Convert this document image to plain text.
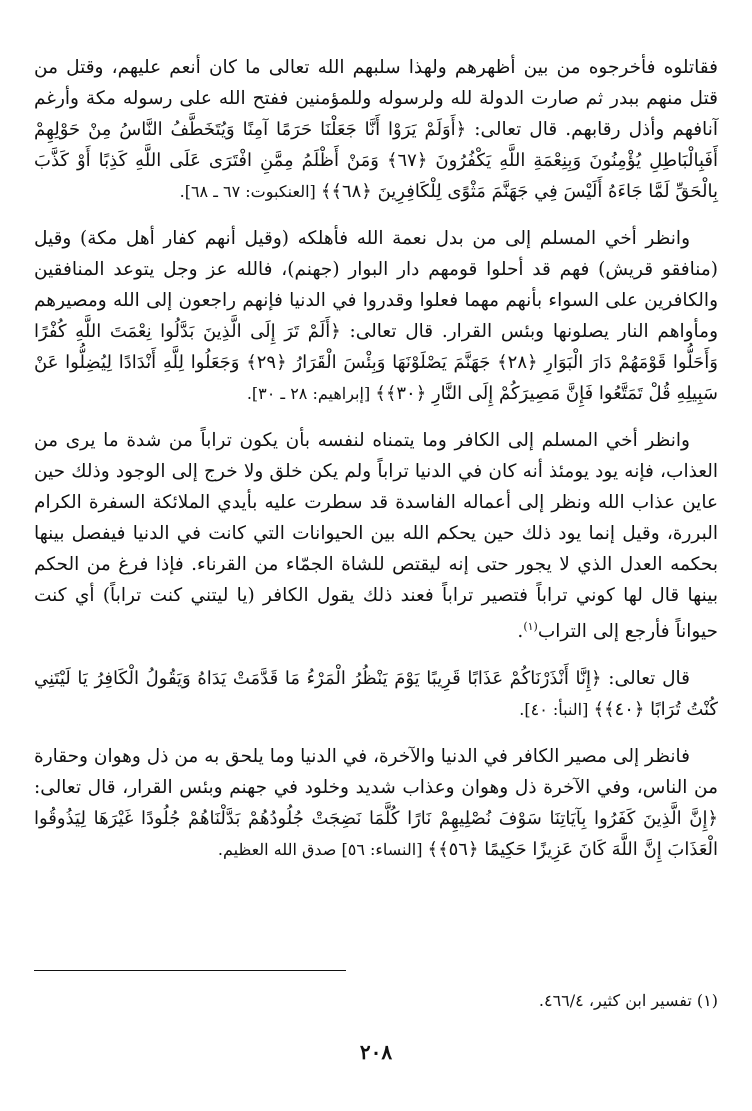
فقاتلوه فأخرجوه من بين أظهرهم ولهذا سلبهم الله تعالى ما كان أنعم عليهم، وقتل من قتل منهم ببدر ثم صارت الدولة لله ولرسوله وللمؤمنين ففتح الله على رسوله مكة وأرغم آنافهم وأذل رقابهم. قال تعالى: ﴿أَوَلَمْ يَرَوْا أَنَّا جَعَلْنَا حَرَمًا آمِنًا وَيُتَخَطَّفُ النَّاسُ مِنْ حَوْلِهِمْ أَفَبِالْبَاطِلِ يُؤْمِنُونَ وَبِنِعْمَةِ اللَّهِ يَكْفُرُونَ ﴿٦٧﴾ وَمَنْ أَظْلَمُ مِمَّنِ افْتَرَى عَلَى اللَّهِ كَذِبًا أَوْ كَذَّبَ بِالْحَقِّ لَمَّا جَاءَهُ أَلَيْسَ فِي جَهَنَّمَ مَثْوًى لِلْكَافِرِينَ ﴿٦٨﴾﴾ [العنكبوت: ٦٧ ـ ٦٨].

وانظر أخي المسلم إلى من بدل نعمة الله فأهلكه (وقيل أنهم كفار أهل مكة) وقيل (منافقو قريش) فهم قد أحلوا قومهم دار البوار (جهنم)، فالله عز وجل يتوعد المنافقين والكافرين على السواء بأنهم مهما فعلوا وقدروا في الدنيا فإنهم راجعون إلى الله ومصيرهم ومأواهم النار يصلونها وبئس القرار. قال تعالى: ﴿أَلَمْ تَرَ إِلَى الَّذِينَ بَدَّلُوا نِعْمَتَ اللَّهِ كُفْرًا وَأَحَلُّوا قَوْمَهُمْ دَارَ الْبَوَارِ ﴿٢٨﴾ جَهَنَّمَ يَصْلَوْنَهَا وَبِئْسَ الْقَرَارُ ﴿٢٩﴾ وَجَعَلُوا لِلَّهِ أَنْدَادًا لِيُضِلُّوا عَنْ سَبِيلِهِ قُلْ تَمَتَّعُوا فَإِنَّ مَصِيرَكُمْ إِلَى النَّارِ ﴿٣٠﴾﴾ [إبراهيم: ٢٨ ـ ٣٠].

وانظر أخي المسلم إلى الكافر وما يتمناه لنفسه بأن يكون تراباً من شدة ما يرى من العذاب، فإنه يود يومئذ أنه كان في الدنيا تراباً ولم يكن خلق ولا خرج إلى الوجود وذلك حين عاين عذاب الله ونظر إلى أعماله الفاسدة قد سطرت عليه بأيدي الملائكة السفرة الكرام البررة، وقيل إنما يود ذلك حين يحكم الله بين الحيوانات التي كانت في الدنيا فيفصل بينها بحكمه العدل الذي لا يجور حتى إنه ليقتص للشاة الجمّاء من القرناء. فإذا فرغ من الحكم بينها قال لها كوني تراباً فتصير تراباً فعند ذلك يقول الكافر (يا ليتني كنت تراباً) أي كنت حيواناً فأرجع إلى التراب$^{(١)}$.

قال تعالى: ﴿إِنَّا أَنْذَرْنَاكُمْ عَذَابًا قَرِيبًا يَوْمَ يَنْظُرُ الْمَرْءُ مَا قَدَّمَتْ يَدَاهُ وَيَقُولُ الْكَافِرُ يَا لَيْتَنِي كُنْتُ تُرَابًا ﴿٤٠﴾﴾ [النبأ: ٤٠].

فانظر إلى مصير الكافر في الدنيا والآخرة، في الدنيا وما يلحق به من ذل وهوان وحقارة من الناس، وفي الآخرة ذل وهوان وعذاب شديد وخلود في جهنم وبئس القرار، قال تعالى: ﴿إِنَّ الَّذِينَ كَفَرُوا بِآيَاتِنَا سَوْفَ نُصْلِيهِمْ نَارًا كُلَّمَا نَضِجَتْ جُلُودُهُمْ بَدَّلْنَاهُمْ جُلُودًا غَيْرَهَا لِيَذُوقُوا الْعَذَابَ إِنَّ اللَّهَ كَانَ عَزِيزًا حَكِيمًا ﴿٥٦﴾﴾ [النساء: ٥٦] صدق الله العظيم.

(١) تفسير ابن كثير، ٤٦٦/٤.
٢٠٨
